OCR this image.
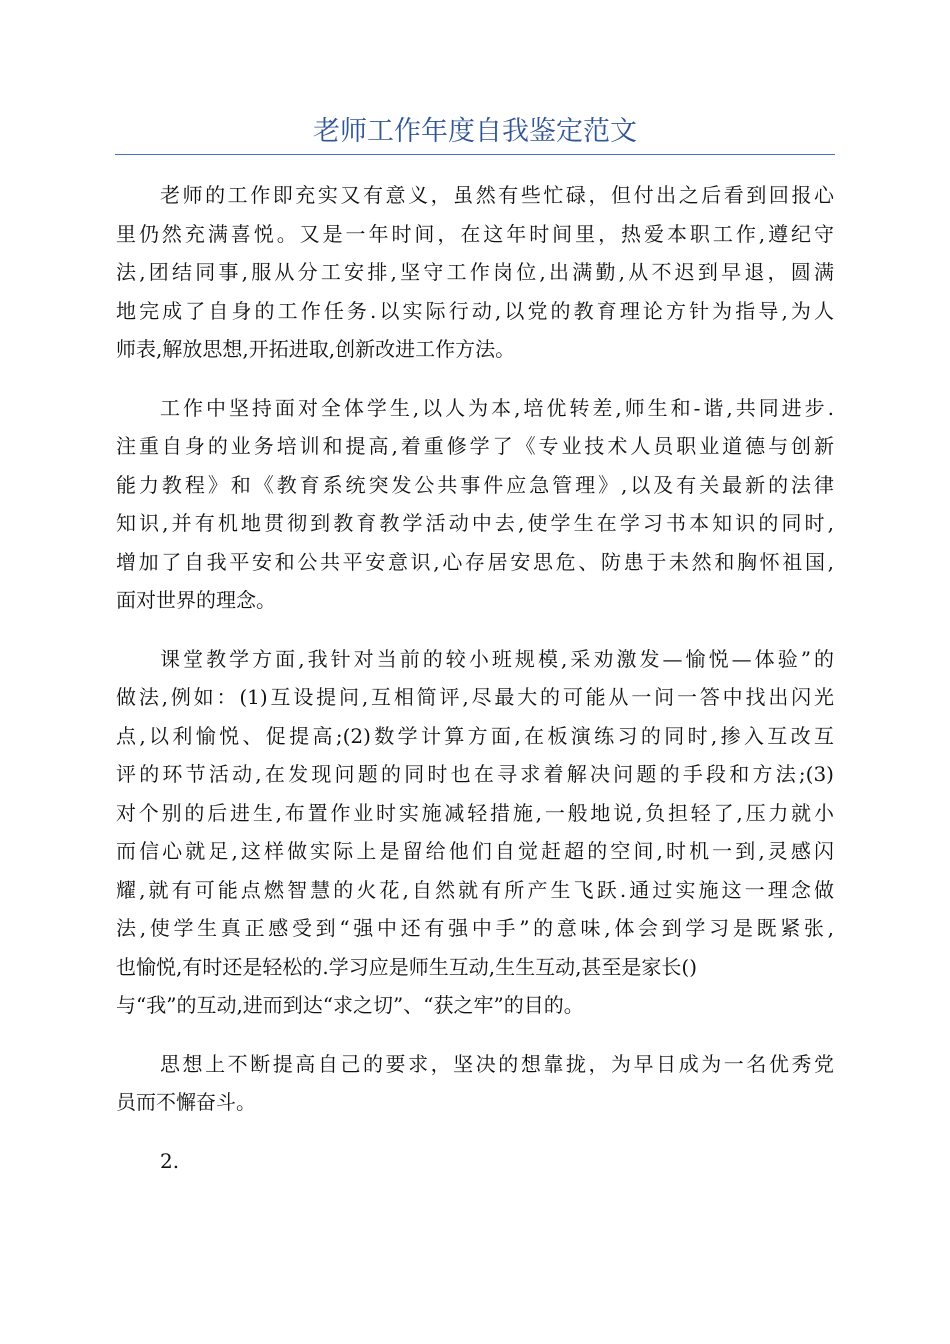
老师工作年度自我鉴定范文
老师的工作即充实又有意义，虽然有些忙碌，但付出之后看到回报心
里仍然充满喜悦。又是一年时间，在这年时间里，热爱本职工作,遵纪守
法,团结同事,服从分工安排,坚守工作岗位,出满勤,从不迟到早退，圆满
地完成了自身的工作任务.以实际行动,以党的教育理论方针为指导,为人
师表,解放思想,开拓进取,创新改进工作方法。
工作中坚持面对全体学生,以人为本,培优转差,师生和-谐,共同进步.
注重自身的业务培训和提高,着重修学了《专业技术人员职业道德与创新
能力教程》和《教育系统突发公共事件应急管理》,以及有关最新的法律
知识,并有机地贯彻到教育教学活动中去,使学生在学习书本知识的同时,
增加了自我平安和公共平安意识,心存居安思危、防患于未然和胸怀祖国,
面对世界的理念。
课堂教学方面,我针对当前的较小班规模,采劝激发—愉悦—体验”的
做法,例如：(1)互设提问,互相简评,尽最大的可能从一问一答中找出闪光
点,以利愉悦、促提高;(2)数学计算方面,在板演练习的同时,掺入互改互
评的环节活动,在发现问题的同时也在寻求着解决问题的手段和方法;(3)
对个别的后进生,布置作业时实施减轻措施,一般地说,负担轻了,压力就小
而信心就足,这样做实际上是留给他们自觉赶超的空间,时机一到,灵感闪
耀,就有可能点燃智慧的火花,自然就有所产生飞跃.通过实施这一理念做
法,使学生真正感受到“强中还有强中手”的意味,体会到学习是既紧张,
也愉悦,有时还是轻松的.学习应是师生互动,生生互动,甚至是家长()
与“我”的互动,进而到达“求之切”、“获之牢”的目的。
思想上不断提高自己的要求，坚决的想靠拢，为早日成为一名优秀党
员而不懈奋斗。
2.
